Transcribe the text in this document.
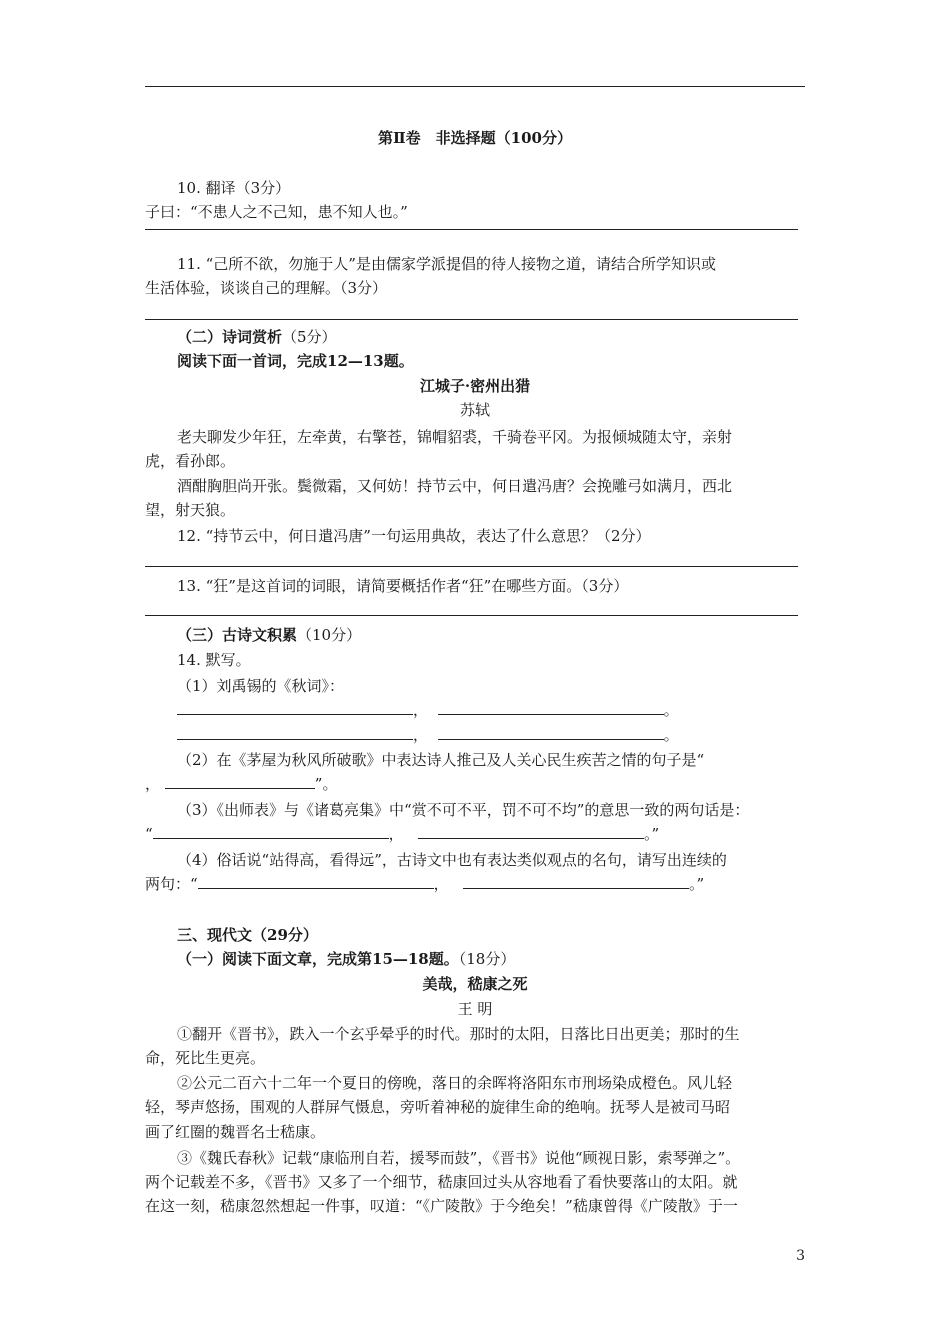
第Ⅱ卷　非选择题（100分）
10. 翻译（3分）
子曰：“不患人之不己知，患不知人也。”
11. “己所不欲，勿施于人”是由儒家学派提倡的待人接物之道，请结合所学知识或
生活体验，谈谈自己的理解。（3分）
（二）诗词赏析（5分）
阅读下面一首词，完成12—13题。
江城子·密州出猎
苏轼
老夫聊发少年狂，左牵黄，右擎苍，锦帽貂裘，千骑卷平冈。为报倾城随太守，亲射
虎，看孙郎。
酒酣胸胆尚开张。鬓微霜，又何妨！持节云中，何日遣冯唐？会挽雕弓如满月，西北
望，射天狼。
12. “持节云中，何日遣冯唐”一句运用典故，表达了什么意思？（2分）
13. “狂”是这首词的词眼，请简要概括作者“狂”在哪些方面。（3分）
（三）古诗文积累（10分）
14. 默写。
（1）刘禹锡的《秋词》：
，	。
，	。
（2）在《茅屋为秋风所破歌》中表达诗人推己及人关心民生疾苦之情的句子是“
，	”。
（3）《出师表》与《诸葛亮集》中“赏不可不平，罚不可不均”的意思一致的两句话是：
“	，	。”
（4）俗话说“站得高，看得远”，古诗文中也有表达类似观点的名句，请写出连续的
两句：“	，	。”
三、现代文（29分）
（一）阅读下面文章，完成第15—18题。（18分）
美哉，嵇康之死
王 明
①翻开《晋书》，跌入一个玄乎晕乎的时代。那时的太阳，日落比日出更美；那时的生
命，死比生更亮。
②公元二百六十二年一个夏日的傍晚，落日的余晖将洛阳东市刑场染成橙色。风儿轻
轻，琴声悠扬，围观的人群屏气慑息，旁听着神秘的旋律生命的绝响。抚琴人是被司马昭
画了红圈的魏晋名士嵇康。
③《魏氏春秋》记载“康临刑自若，援琴而鼓”，《晋书》说他“顾视日影，索琴弹之”。
两个记载差不多，《晋书》又多了一个细节，嵇康回过头从容地看了看快要落山的太阳。就
在这一刻，嵇康忽然想起一件事，叹道：“《广陵散》于今绝矣！”嵇康曾得《广陵散》于一
3
